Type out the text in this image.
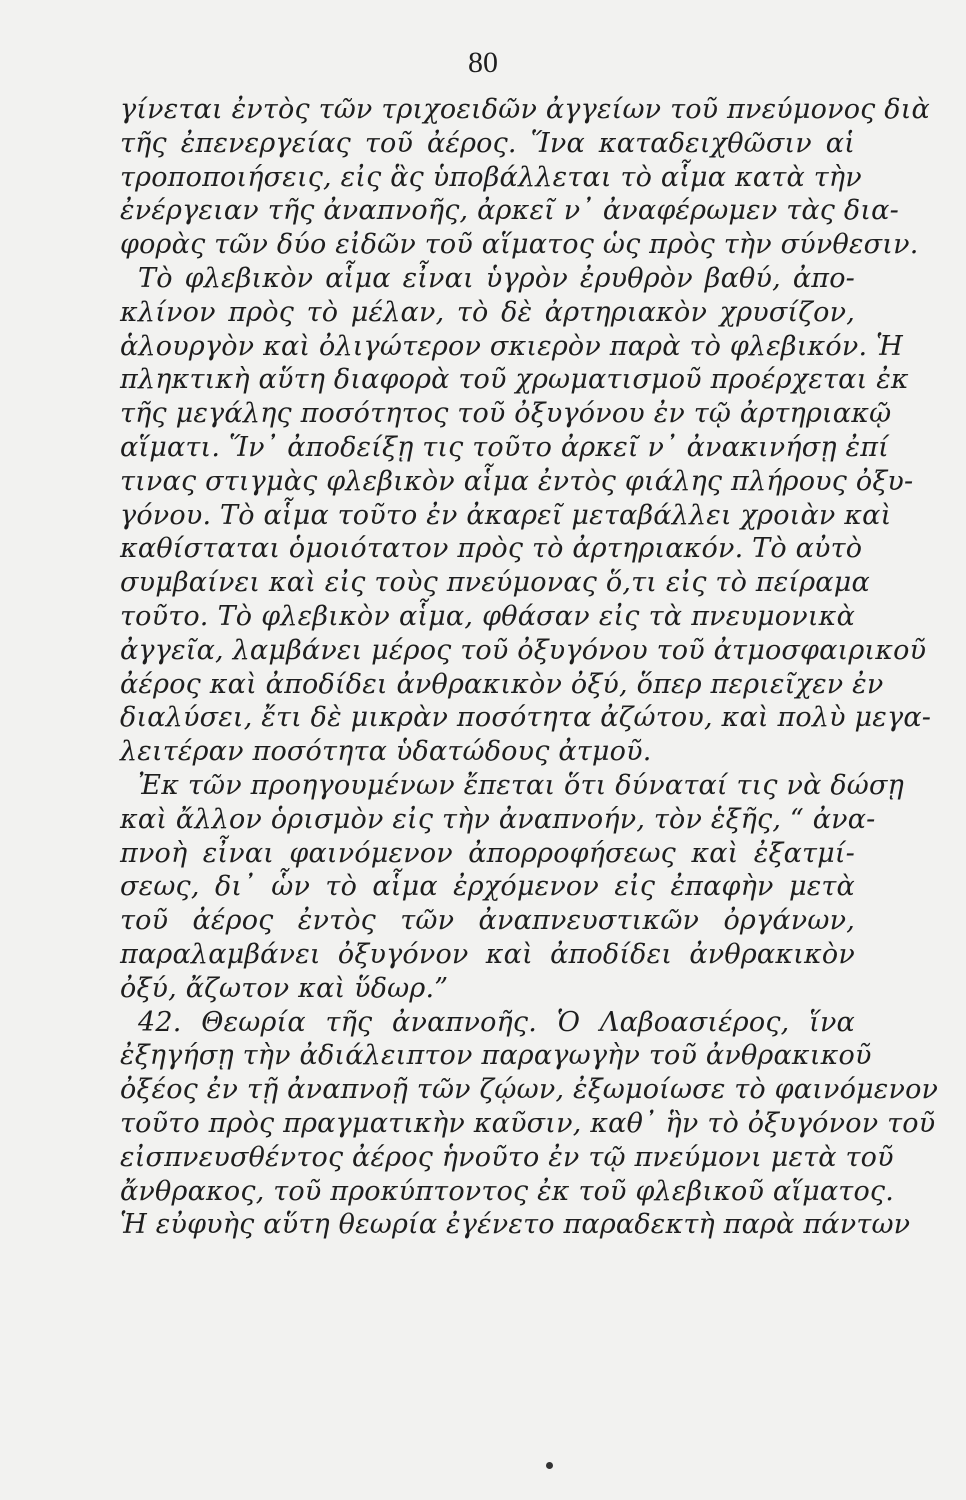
80
γίνεται ἐντὸς τῶν τριχοειδῶν ἀγγείων τοῦ πνεύμονος διὰ
τῆς ἐπενεργείας τοῦ ἀέρος. Ἵνα καταδειχθῶσιν αἱ
τροποποιήσεις, εἰς ἃς ὑποβάλλεται τὸ αἷμα κατὰ τὴν
ἐνέργειαν τῆς ἀναπνοῆς, ἀρκεῖ ν᾽ ἀναφέρωμεν τὰς δια-
φορὰς τῶν δύο εἰδῶν τοῦ αἵματος ὡς πρὸς τὴν σύνθεσιν.
Τὸ φλεβικὸν αἷμα εἶναι ὑγρὸν ἐρυθρὸν βαθύ, ἀπο-
κλίνον πρὸς τὸ μέλαν, τὸ δὲ ἀρτηριακὸν χρυσίζον,
ἁλουργὸν καὶ ὀλιγώτερον σκιερὸν παρὰ τὸ φλεβικόν. Ἡ
πληκτικὴ αὕτη διαφορὰ τοῦ χρωματισμοῦ προέρχεται ἐκ
τῆς μεγάλης ποσότητος τοῦ ὀξυγόνου ἐν τῷ ἀρτηριακῷ
αἵματι. Ἵν᾽ ἀποδείξῃ τις τοῦτο ἀρκεῖ ν᾽ ἀνακινήσῃ ἐπί
τινας στιγμὰς φλεβικὸν αἷμα ἐντὸς φιάλης πλήρους ὀξυ-
γόνου. Τὸ αἷμα τοῦτο ἐν ἀκαρεῖ μεταβάλλει χροιὰν καὶ
καθίσταται ὁμοιότατον πρὸς τὸ ἀρτηριακόν. Τὸ αὐτὸ
συμβαίνει καὶ εἰς τοὺς πνεύμονας ὅ,τι εἰς τὸ πείραμα
τοῦτο. Τὸ φλεβικὸν αἷμα, φθάσαν εἰς τὰ πνευμονικὰ
ἀγγεῖα, λαμβάνει μέρος τοῦ ὀξυγόνου τοῦ ἀτμοσφαιρικοῦ
ἀέρος καὶ ἀποδίδει ἀνθρακικὸν ὀξύ, ὅπερ περιεῖχεν ἐν
διαλύσει, ἔτι δὲ μικρὰν ποσότητα ἀζώτου, καὶ πολὺ μεγα-
λειτέραν ποσότητα ὑδατώδους ἀτμοῦ.
Ἐκ τῶν προηγουμένων ἔπεται ὅτι δύναταί τις νὰ δώσῃ
καὶ ἄλλον ὁρισμὸν εἰς τὴν ἀναπνοήν, τὸν ἑξῆς, “ ἀνα-
πνοὴ εἶναι φαινόμενον ἀπορροφήσεως καὶ ἐξατμί-
σεως, δι᾽ ὧν τὸ αἷμα ἐρχόμενον εἰς ἐπαφὴν μετὰ
τοῦ ἀέρος ἐντὸς τῶν ἀναπνευστικῶν ὀργάνων,
παραλαμβάνει ὀξυγόνον καὶ ἀποδίδει ἀνθρακικὸν
ὀξύ, ἄζωτον καὶ ὕδωρ.”
42. Θεωρία τῆς ἀναπνοῆς. Ὁ Λαβοασιέρος, ἵνα
ἐξηγήσῃ τὴν ἀδιάλειπτον παραγωγὴν τοῦ ἀνθρακικοῦ
ὀξέος ἐν τῇ ἀναπνοῇ τῶν ζῴων, ἐξωμοίωσε τὸ φαινόμενον
τοῦτο πρὸς πραγματικὴν καῦσιν, καθ᾽ ἣν τὸ ὀξυγόνον τοῦ
εἰσπνευσθέντος ἀέρος ἡνοῦτο ἐν τῷ πνεύμονι μετὰ τοῦ
ἄνθρακος, τοῦ προκύπτοντος ἐκ τοῦ φλεβικοῦ αἵματος.
Ἡ εὐφυὴς αὕτη θεωρία ἐγένετο παραδεκτὴ παρὰ πάντων
